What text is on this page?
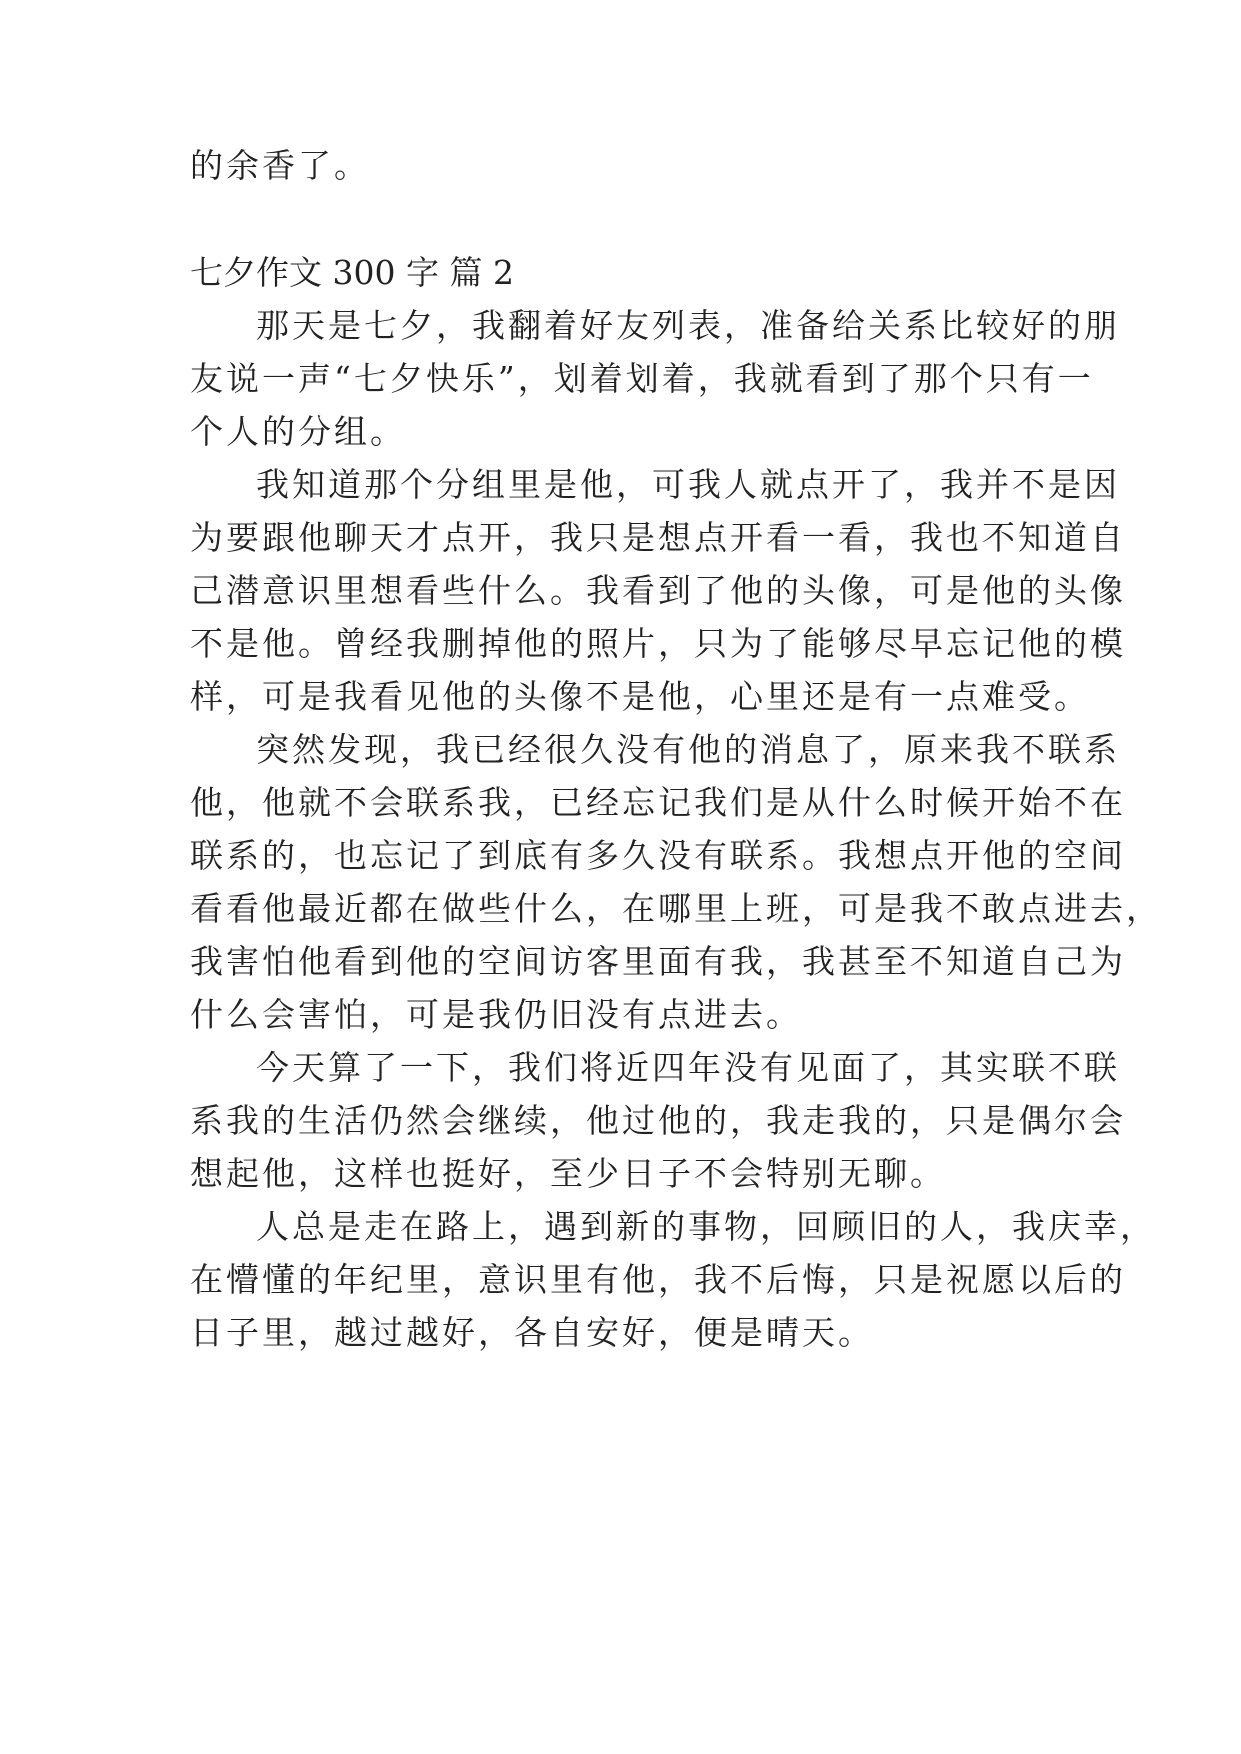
的余香了。
七夕作文 300 字 篇 2
那天是七夕，我翻着好友列表，准备给关系比较好的朋
友说一声“七夕快乐”，划着划着，我就看到了那个只有一
个人的分组。
我知道那个分组里是他，可我人就点开了，我并不是因
为要跟他聊天才点开，我只是想点开看一看，我也不知道自
己潜意识里想看些什么。我看到了他的头像，可是他的头像
不是他。曾经我删掉他的照片，只为了能够尽早忘记他的模
样，可是我看见他的头像不是他，心里还是有一点难受。
突然发现，我已经很久没有他的消息了，原来我不联系
他，他就不会联系我，已经忘记我们是从什么时候开始不在
联系的，也忘记了到底有多久没有联系。我想点开他的空间
看看他最近都在做些什么，在哪里上班，可是我不敢点进去，
我害怕他看到他的空间访客里面有我，我甚至不知道自己为
什么会害怕，可是我仍旧没有点进去。
今天算了一下，我们将近四年没有见面了，其实联不联
系我的生活仍然会继续，他过他的，我走我的，只是偶尔会
想起他，这样也挺好，至少日子不会特别无聊。
人总是走在路上，遇到新的事物，回顾旧的人，我庆幸，
在懵懂的年纪里，意识里有他，我不后悔，只是祝愿以后的
日子里，越过越好，各自安好，便是晴天。
